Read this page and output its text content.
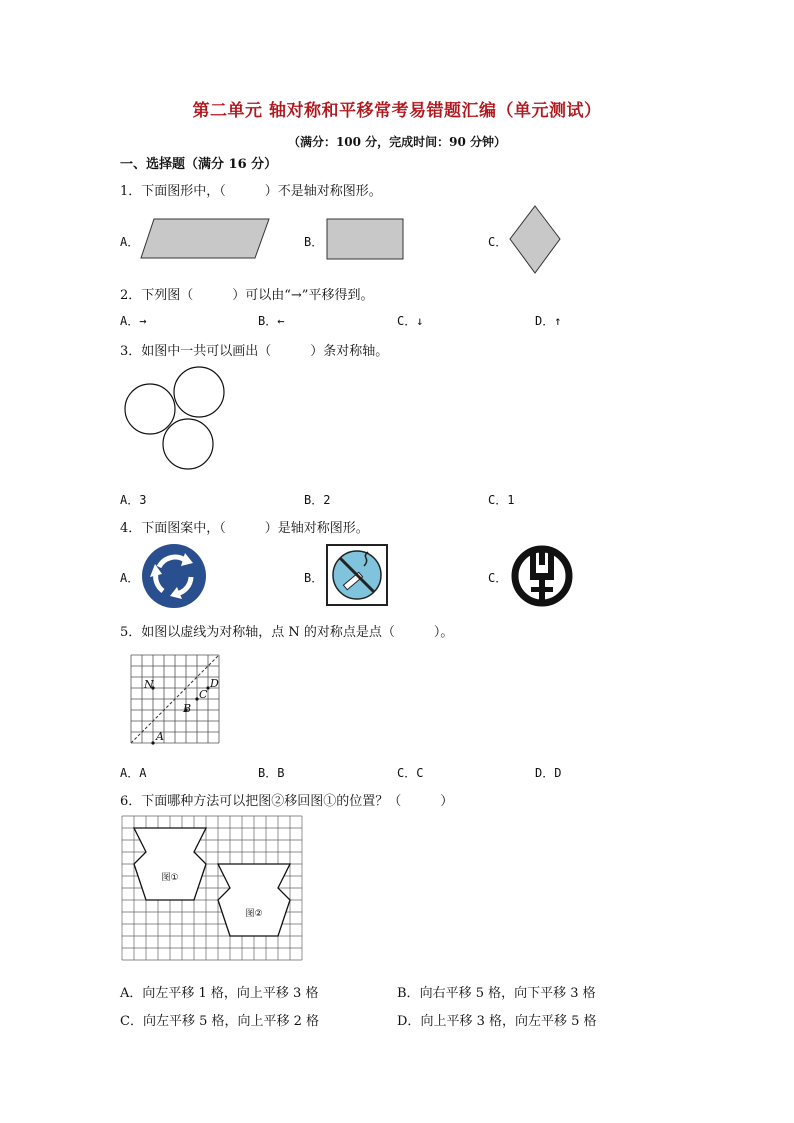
第二单元 轴对称和平移常考易错题汇编（单元测试）
（满分：100 分，完成时间：90 分钟）
一、选择题（满分 16 分）
1．下面图形中，（　　　）不是轴对称图形。
A．	B．	C．
2．下列图（　　　）可以由“→”平移得到。
A．→	B．←	C．↓	D．↑
3．如图中一共可以画出（　　　）条对称轴。
A．3	B．2	C．1
4．下面图案中，（　　　）是轴对称图形。
A．	B．	C．
5．如图以虚线为对称轴，点 N 的对称点是点（　　　）。
N	D
C
B
A
A．A	B．B	C．C	D．D
6．下面哪种方法可以把图②移回图①的位置？（　　　）
图①
图②
A．向左平移 1 格，向上平移 3 格	B．向右平移 5 格，向下平移 3 格
C．向左平移 5 格，向上平移 2 格	D．向上平移 3 格，向左平移 5 格
